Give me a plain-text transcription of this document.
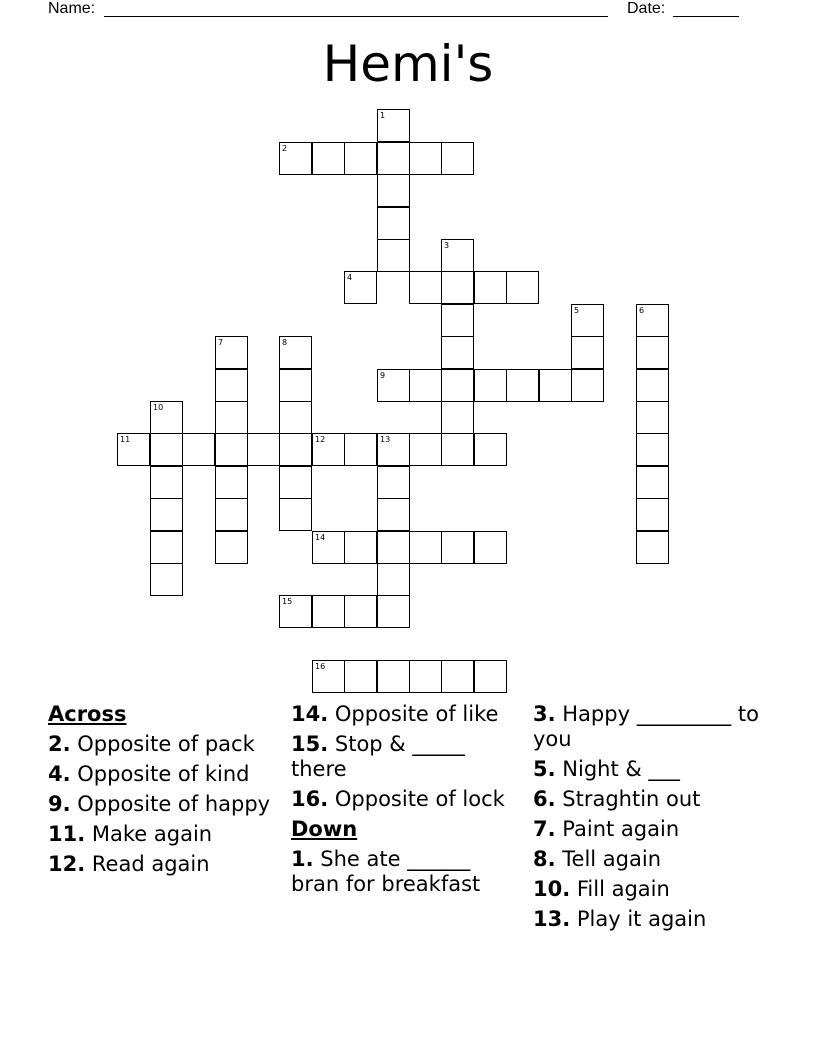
Name:	Date:
Hemi's
1
2
3
4
5	6
7	8
9
10
11	12	13
14
15
16
Across
2. Opposite of pack
4. Opposite of kind
9. Opposite of happy
11. Make again
12. Read again
14. Opposite of like
15. Stop & _____ there
16. Opposite of lock
Down
1. She ate ______ bran for breakfast
3. Happy _________ to you
5. Night & ___
6. Straghtin out
7. Paint again
8. Tell again
10. Fill again
13. Play it again
